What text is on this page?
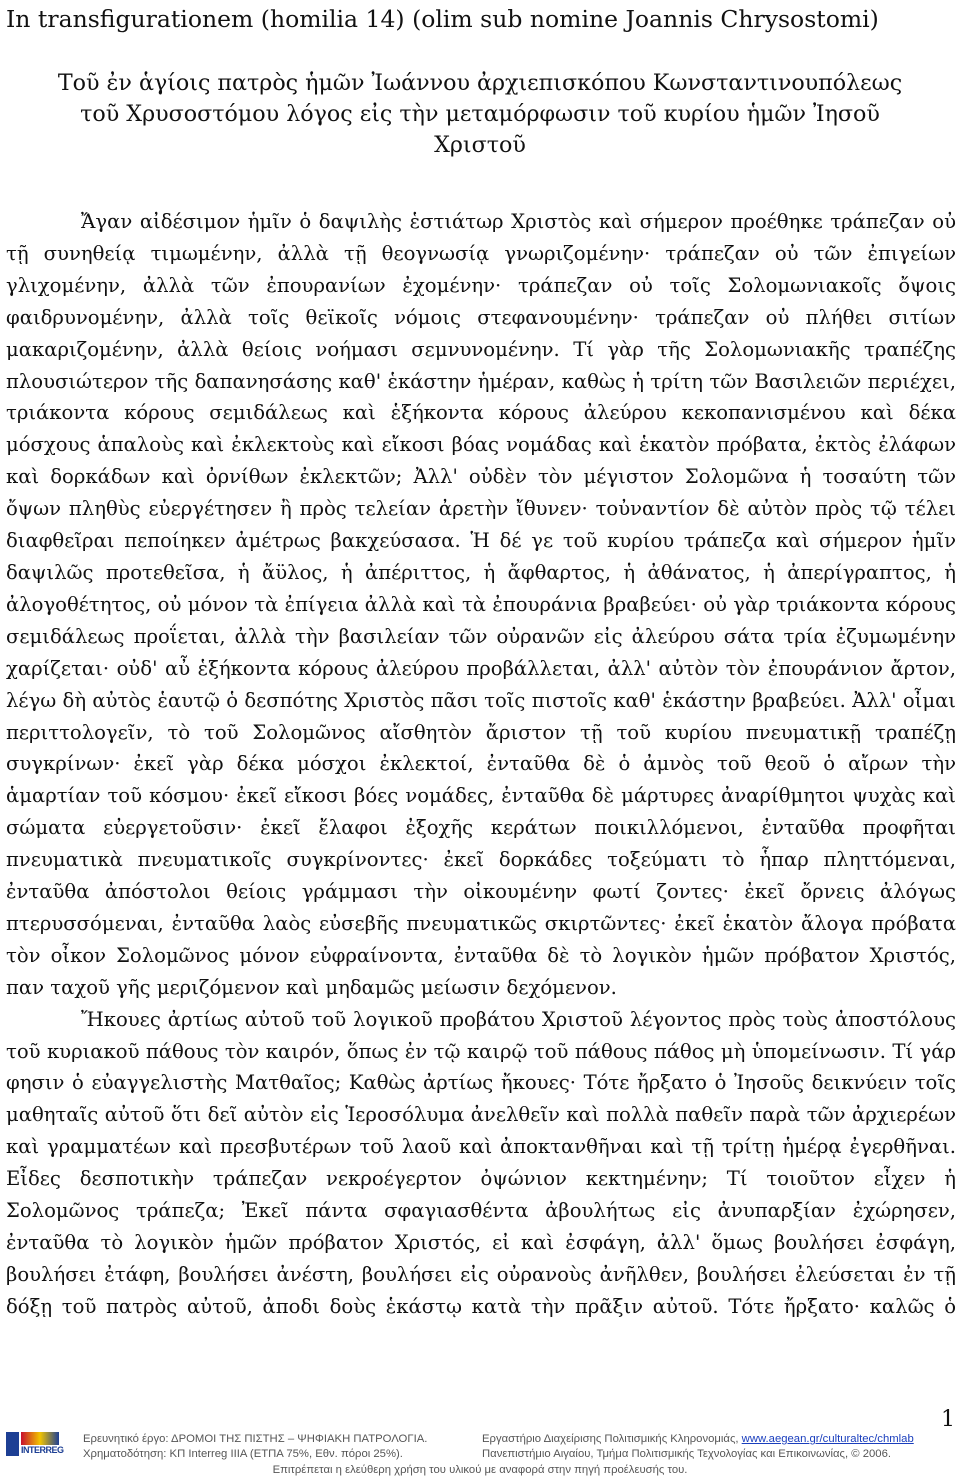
In transfigurationem (homilia 14) (olim sub nomine Joannis Chrysostomi)
Τοῦ ἐν ἁγίοις πατρὸς ἡμῶν Ἰωάννου ἀρχιεπισκόπου Κωνσταντινουπόλεως
τοῦ Χρυσοστόμου λόγος εἰς τὴν μεταμόρφωσιν τοῦ κυρίου ἡμῶν Ἰησοῦ
Χριστοῦ

Ἄγαν αἰδέσιμον ἡμῖν ὁ δαψιλὴς ἑστιάτωρ Χριστὸς καὶ σήμερον προέθηκε τράπεζαν οὐ τῇ συνηθείᾳ τιμωμένην, ἀλλὰ τῇ θεογνωσίᾳ γνωριζομένην· τράπεζαν οὐ τῶν ἐπιγείων γλιχομένην, ἀλλὰ τῶν ἐπουρανίων ἐχομένην· τράπεζαν οὐ τοῖς Σολομωνιακοῖς ὄψοις φαιδρυνομένην, ἀλλὰ τοῖς θεϊκοῖς νόμοις στεφανουμένην· τράπεζαν οὐ πλήθει σιτίων μακαριζομένην, ἀλλὰ θείοις νοήμασι σεμνυνομένην. Τί γὰρ τῆς Σολομωνιακῆς τραπέζης πλουσιώτερον τῆς δαπανησάσης καθ' ἑκάστην ἡμέραν, καθὼς ἡ τρίτη τῶν Βασιλειῶν περιέχει, τριάκοντα κόρους σεμιδάλεως καὶ ἑξήκοντα κόρους ἀλεύρου κεκοπανισμένου καὶ δέκα μόσχους ἁπαλοὺς καὶ ἐκλεκτοὺς καὶ εἴκοσι βόας νομάδας καὶ ἑκατὸν πρόβατα, ἐκτὸς ἐλάφων καὶ δορκάδων καὶ ὀρνίθων ἐκλεκτῶν; Ἀλλ' οὐδὲν τὸν μέγιστον Σολομῶνα ἡ τοσαύτη τῶν ὄψων πληθὺς εὐεργέτησεν ἢ πρὸς τελείαν ἀρετὴν ἴθυνεν· τοὐναντίον δὲ αὐτὸν πρὸς τῷ τέλει διαφθεῖραι πεποίηκεν ἀμέτρως βακχεύσασα. Ἡ δέ γε τοῦ κυρίου τράπεζα καὶ σήμερον ἡμῖν δαψιλῶς προτεθεῖσα, ἡ ἄϋλος, ἡ ἀπέριττος, ἡ ἄφθαρτος, ἡ ἀθάνατος, ἡ ἀπερίγραπτος, ἡ ἀλογοθέτητος, οὐ μόνον τὰ ἐπίγεια ἀλλὰ καὶ τὰ ἐπουράνια βραβεύει· οὐ γὰρ τριάκοντα κόρους σεμιδάλεως προΐεται, ἀλλὰ τὴν βασιλείαν τῶν οὐρανῶν εἰς ἀλεύρου σάτα τρία ἐζυμωμένην χαρίζεται· οὐδ' αὖ ἑξήκοντα κόρους ἀλεύρου προβάλλεται, ἀλλ' αὐτὸν τὸν ἐπουράνιον ἄρτον, λέγω δὴ αὐτὸς ἑαυτῷ ὁ δεσπότης Χριστὸς πᾶσι τοῖς πιστοῖς καθ' ἑκάστην βραβεύει. Ἀλλ' οἶμαι περιττολογεῖν, τὸ τοῦ Σολομῶνος αἴσθητὸν ἄριστον τῇ τοῦ κυρίου πνευματικῇ τραπέζῃ συγκρίνων· ἐκεῖ γὰρ δέκα μόσχοι ἐκλεκτοί, ἐνταῦθα δὲ ὁ ἀμνὸς τοῦ θεοῦ ὁ αἴρων τὴν ἁμαρτίαν τοῦ κόσμου· ἐκεῖ εἴκοσι βόες νομάδες, ἐνταῦθα δὲ μάρτυρες ἀναρίθμητοι ψυχὰς καὶ σώματα εὐεργετοῦσιν· ἐκεῖ ἔλαφοι ἐξοχῆς κεράτων ποικιλλόμενοι, ἐνταῦθα προφῆται πνευματικὰ πνευματικοῖς συγκρίνοντες· ἐκεῖ δορκάδες τοξεύματι τὸ ἧπαρ πληττόμεναι, ἐνταῦθα ἀπόστολοι θείοις γράμμασι τὴν οἰκουμένην φωτί ζοντες· ἐκεῖ ὄρνεις ἀλόγως πτερυσσόμεναι, ἐνταῦθα λαὸς εὐσεβῆς πνευματικῶς σκιρτῶντες· ἐκεῖ ἑκατὸν ἄλογα πρόβατα τὸν οἶκον Σολομῶνος μόνον εὐφραίνοντα, ἐνταῦθα δὲ τὸ λογικὸν ἡμῶν πρόβατον Χριστός, παν ταχοῦ γῆς μεριζόμενον καὶ μηδαμῶς μείωσιν δεχόμενον.

Ἤκουες ἀρτίως αὐτοῦ τοῦ λογικοῦ προβάτου Χριστοῦ λέγοντος πρὸς τοὺς ἀποστόλους τοῦ κυριακοῦ πάθους τὸν καιρόν, ὅπως ἐν τῷ καιρῷ τοῦ πάθους πάθος μὴ ὑπομείνωσιν. Τί γάρ φησιν ὁ εὐαγγελιστὴς Ματθαῖος; Καθὼς ἀρτίως ἤκουες· Τότε ἤρξατο ὁ Ἰησοῦς δεικνύειν τοῖς μαθηταῖς αὐτοῦ ὅτι δεῖ αὐτὸν εἰς Ἱεροσόλυμα ἀνελθεῖν καὶ πολλὰ παθεῖν παρὰ τῶν ἀρχιερέων καὶ γραμματέων καὶ πρεσβυτέρων τοῦ λαοῦ καὶ ἀποκτανθῆναι καὶ τῇ τρίτῃ ἡμέρᾳ ἐγερθῆναι. Εἶδες δεσποτικὴν τράπεζαν νεκροέγερτον ὀψώνιον κεκτημένην; Τί τοιοῦτον εἶχεν ἡ Σολομῶνος τράπεζα; Ἐκεῖ πάντα σφαγιασθέντα ἀβουλήτως εἰς ἀνυπαρξίαν ἐχώρησεν, ἐνταῦθα τὸ λογικὸν ἡμῶν πρόβατον Χριστός, εἰ καὶ ἐσφάγη, ἀλλ' ὅμως βουλήσει ἐσφάγη, βουλήσει ἐτάφη, βουλήσει ἀνέστη, βουλήσει εἰς οὐρανοὺς ἀνῆλθεν, βουλήσει ἐλεύσεται ἐν τῇ δόξῃ τοῦ πατρὸς αὐτοῦ, ἀποδι δοὺς ἑκάστῳ κατὰ τὴν πρᾶξιν αὐτοῦ. Τότε ἤρξατο· καλῶς ὁ

1
INTERREG
Ερευνητικό έργο: ΔΡΟΜΟΙ ΤΗΣ ΠΙΣΤΗΣ – ΨΗΦΙΑΚΗ ΠΑΤΡΟΛΟΓΙΑ.
Χρηματοδότηση: ΚΠ Interreg IIIA (ΕΤΠΑ 75%, Εθν. πόροι 25%).
Εργαστήριο Διαχείρισης Πολιτισμικής Κληρονομιάς, www.aegean.gr/culturaltec/chmlab
Πανεπιστήμιο Αιγαίου, Τμήμα Πολιτισμικής Τεχνολογίας και Επικοινωνίας, © 2006.
Επιτρέπεται η ελεύθερη χρήση του υλικού με αναφορά στην πηγή προέλευσής του.
